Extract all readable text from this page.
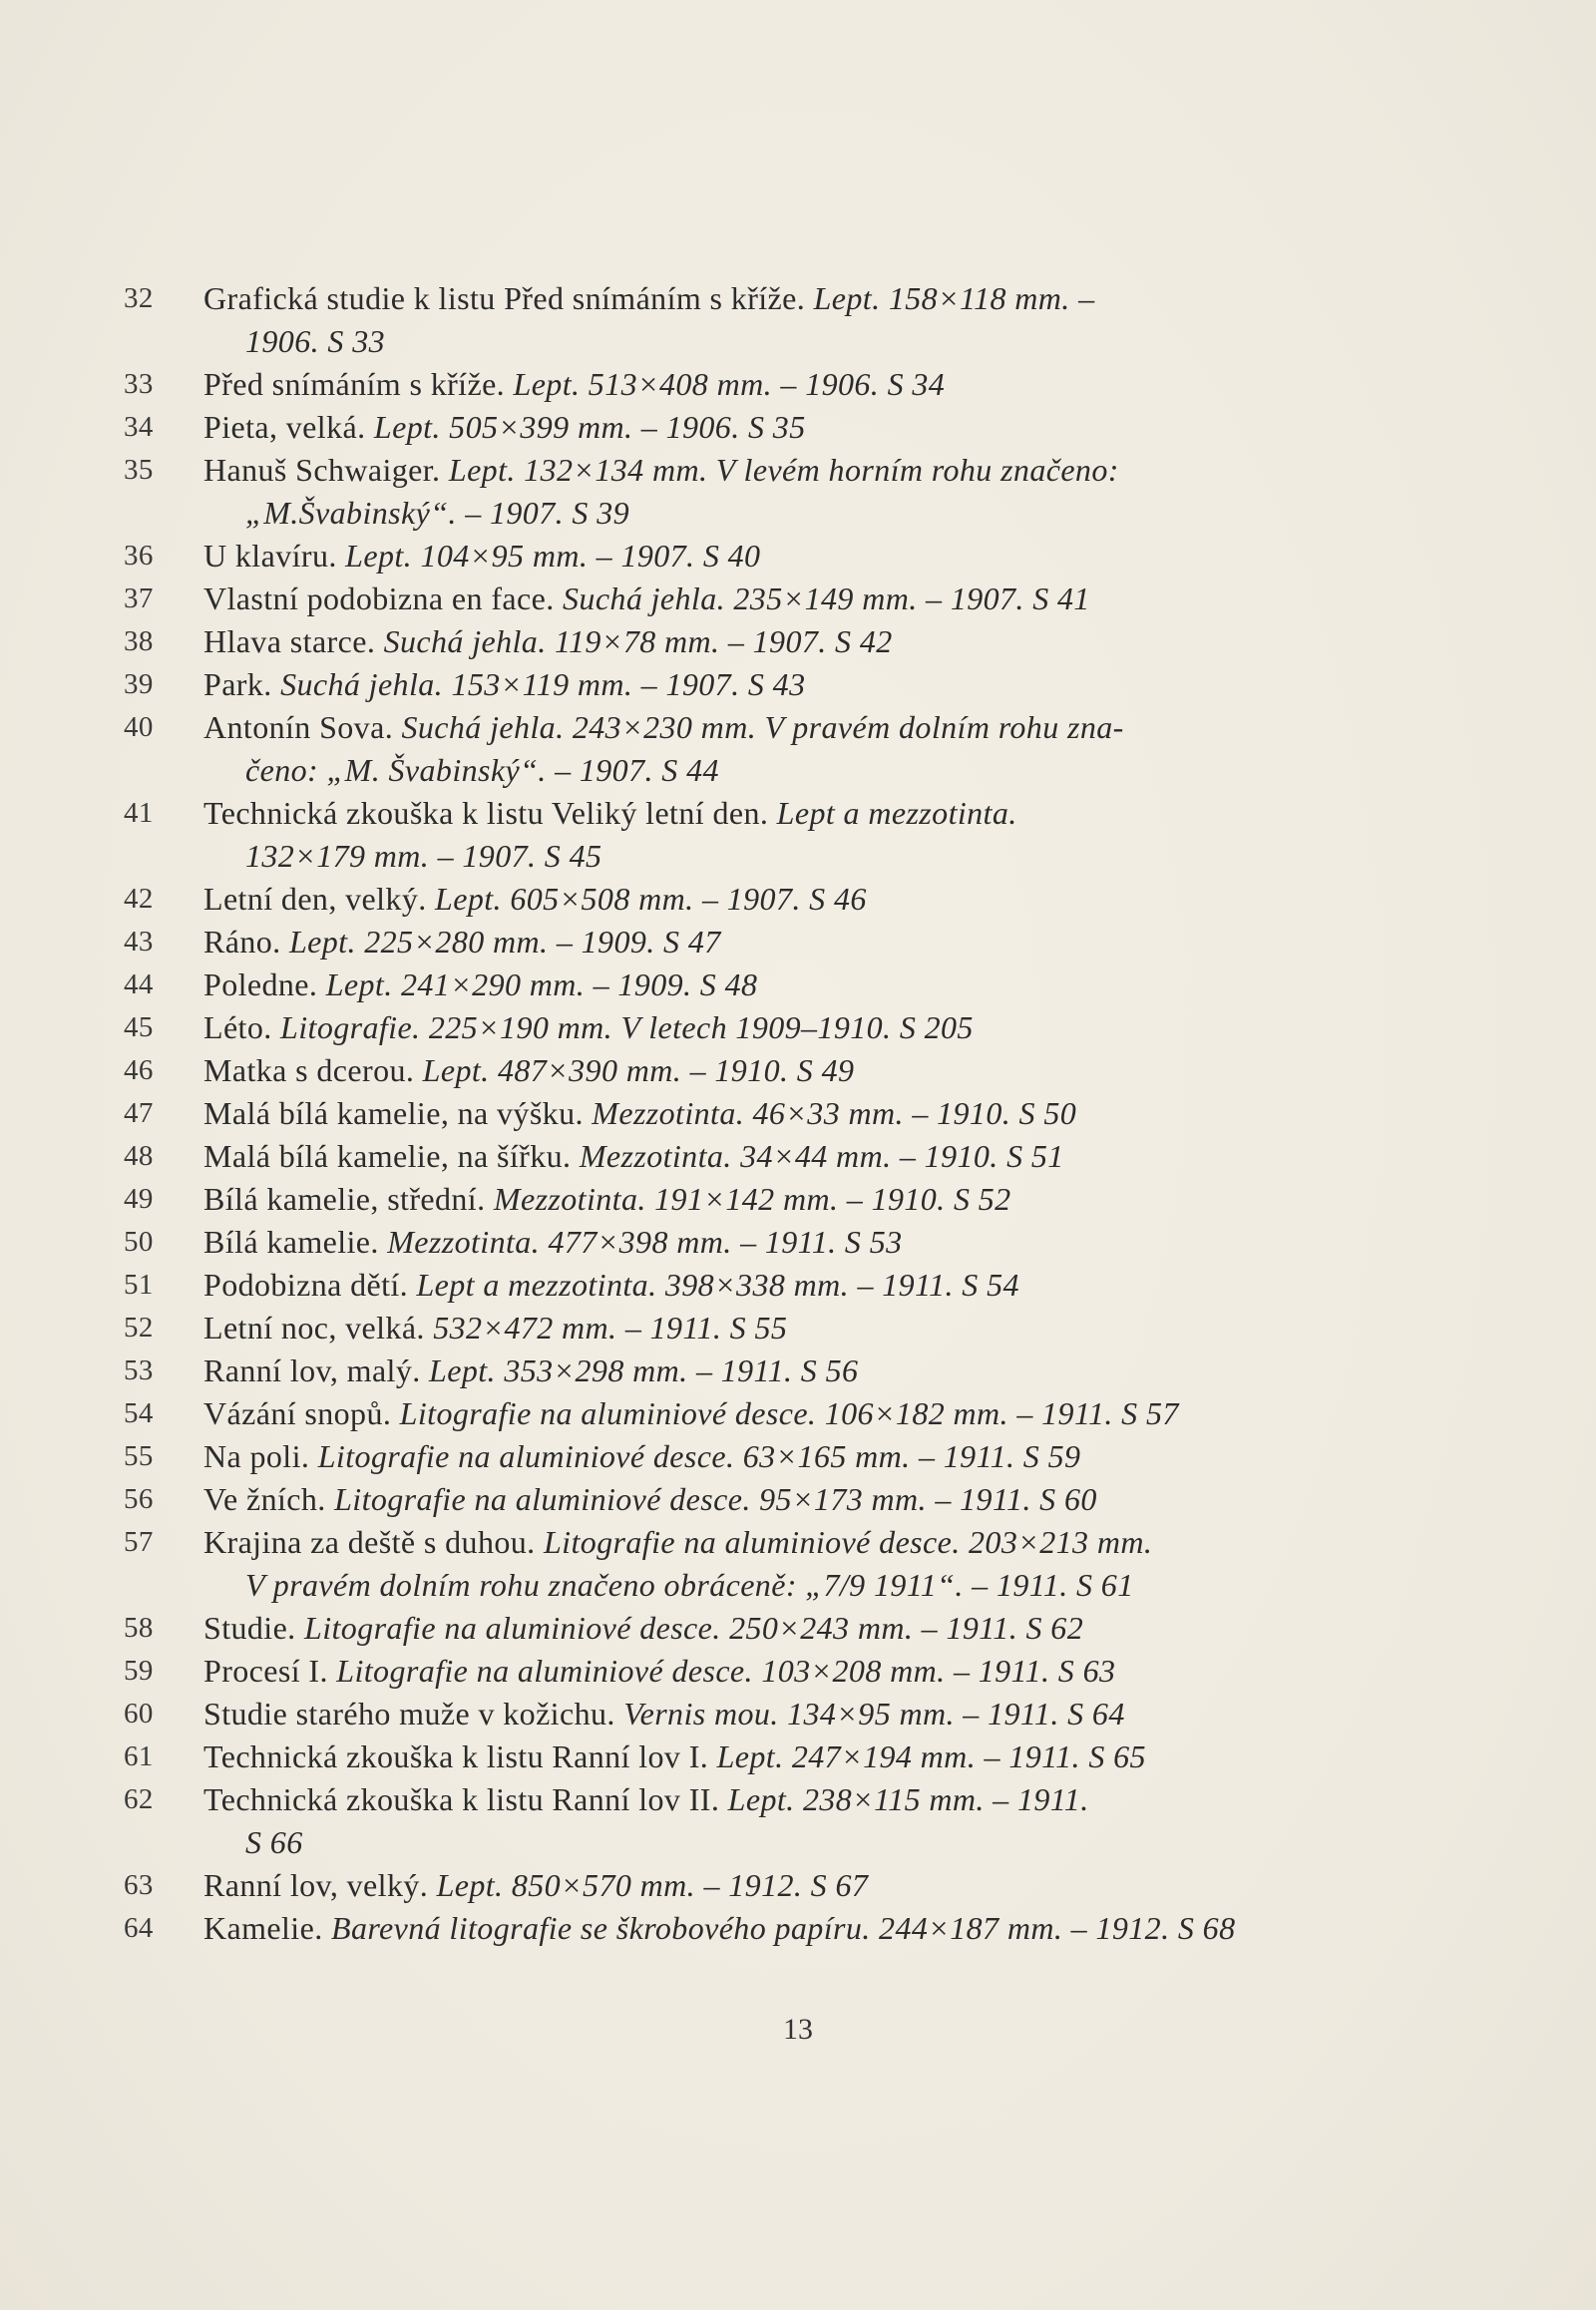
32	Grafická studie k listu Před snímáním s kříže. Lept. 158×118 mm. –
1906. S 33
33	Před snímáním s kříže. Lept. 513×408 mm. – 1906. S 34
34	Pieta, velká. Lept. 505×399 mm. – 1906. S 35
35	Hanuš Schwaiger. Lept. 132×134 mm. V levém horním rohu značeno:
„M.Švabinský“. – 1907. S 39
36	U klavíru. Lept. 104×95 mm. – 1907. S 40
37	Vlastní podobizna en face. Suchá jehla. 235×149 mm. – 1907. S 41
38	Hlava starce. Suchá jehla. 119×78 mm. – 1907. S 42
39	Park. Suchá jehla. 153×119 mm. – 1907. S 43
40	Antonín Sova. Suchá jehla. 243×230 mm. V pravém dolním rohu zna-
čeno: „M. Švabinský“. – 1907. S 44
41	Technická zkouška k listu Veliký letní den. Lept a mezzotinta.
132×179 mm. – 1907. S 45
42	Letní den, velký. Lept. 605×508 mm. – 1907. S 46
43	Ráno. Lept. 225×280 mm. – 1909. S 47
44	Poledne. Lept. 241×290 mm. – 1909. S 48
45	Léto. Litografie. 225×190 mm. V letech 1909–1910. S 205
46	Matka s dcerou. Lept. 487×390 mm. – 1910. S 49
47	Malá bílá kamelie, na výšku. Mezzotinta. 46×33 mm. – 1910. S 50
48	Malá bílá kamelie, na šířku. Mezzotinta. 34×44 mm. – 1910. S 51
49	Bílá kamelie, střední. Mezzotinta. 191×142 mm. – 1910. S 52
50	Bílá kamelie. Mezzotinta. 477×398 mm. – 1911. S 53
51	Podobizna dětí. Lept a mezzotinta. 398×338 mm. – 1911. S 54
52	Letní noc, velká. 532×472 mm. – 1911. S 55
53	Ranní lov, malý. Lept. 353×298 mm. – 1911. S 56
54	Vázání snopů. Litografie na aluminiové desce. 106×182 mm. – 1911. S 57
55	Na poli. Litografie na aluminiové desce. 63×165 mm. – 1911. S 59
56	Ve žních. Litografie na aluminiové desce. 95×173 mm. – 1911. S 60
57	Krajina za deště s duhou. Litografie na aluminiové desce. 203×213 mm.
V pravém dolním rohu značeno obráceně: „7/9 1911“. – 1911. S 61
58	Studie. Litografie na aluminiové desce. 250×243 mm. – 1911. S 62
59	Procesí I. Litografie na aluminiové desce. 103×208 mm. – 1911. S 63
60	Studie starého muže v kožichu. Vernis mou. 134×95 mm. – 1911. S 64
61	Technická zkouška k listu Ranní lov I. Lept. 247×194 mm. – 1911. S 65
62	Technická zkouška k listu Ranní lov II. Lept. 238×115 mm. – 1911.
S 66
63	Ranní lov, velký. Lept. 850×570 mm. – 1912. S 67
64	Kamelie. Barevná litografie se škrobového papíru. 244×187 mm. – 1912. S 68
13
